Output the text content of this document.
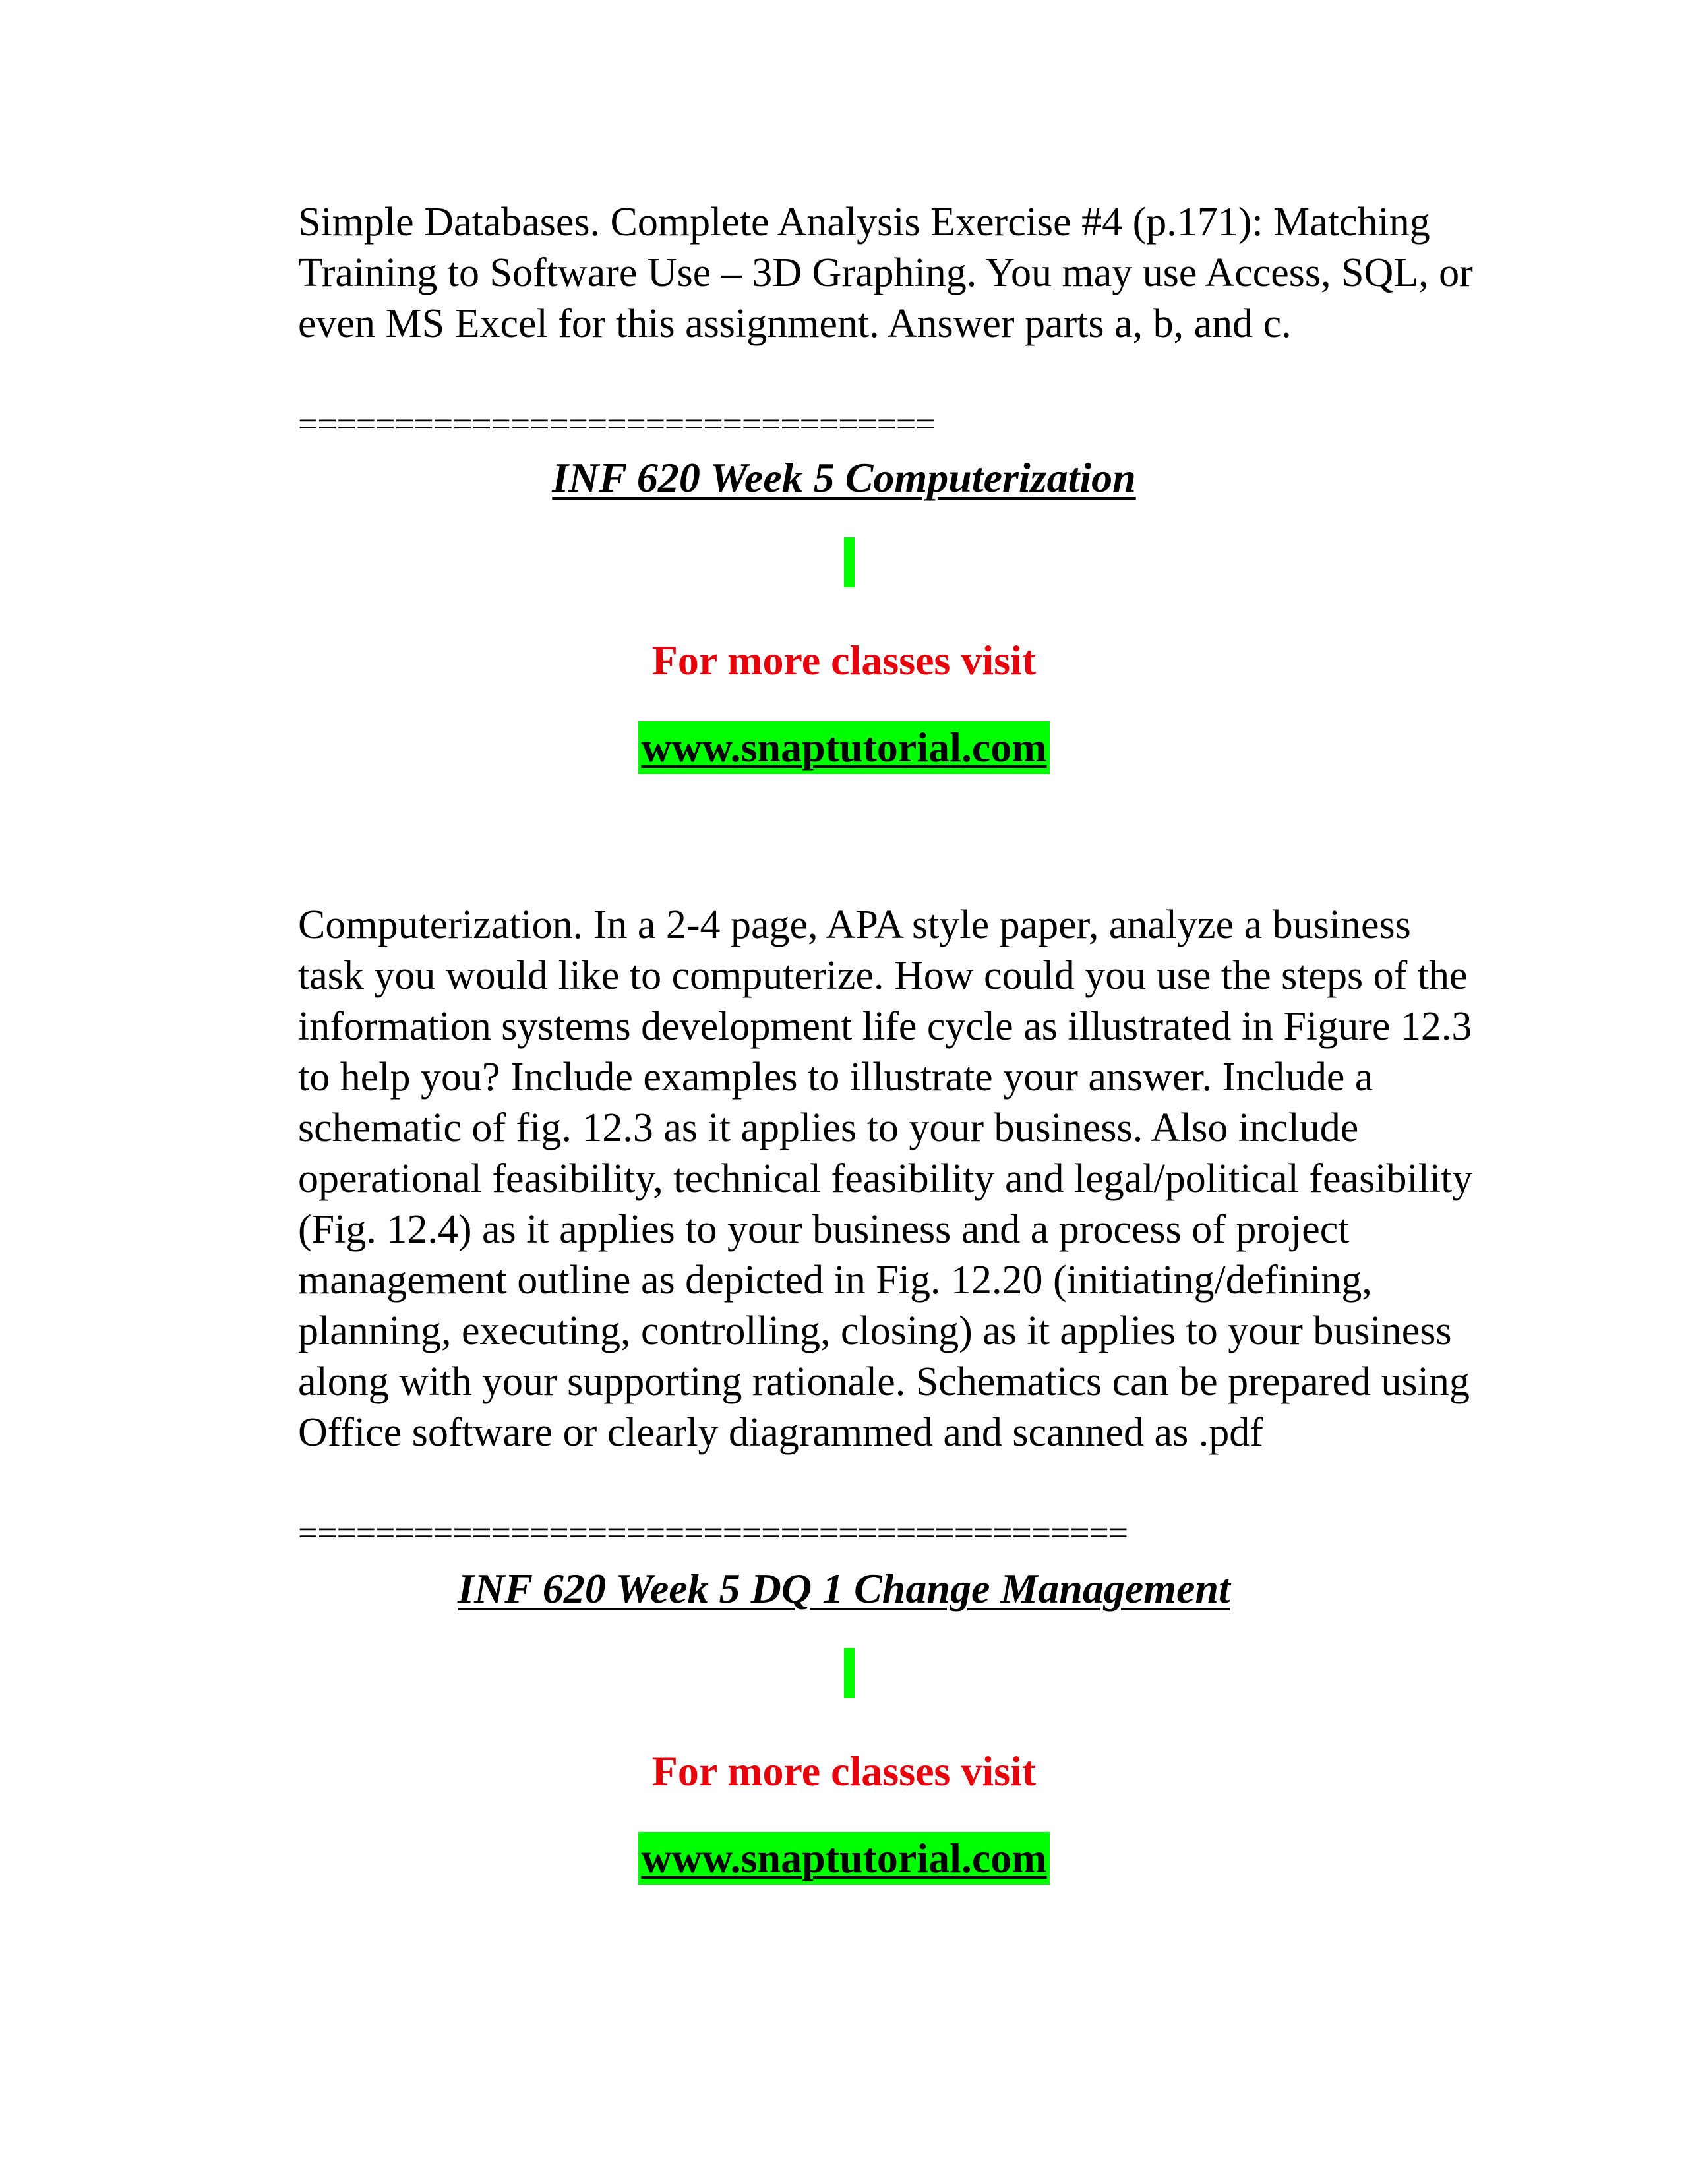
Simple Databases. Complete Analysis Exercise #4 (p.171): Matching Training to Software Use – 3D Graphing. You may use Access, SQL, or even MS Excel for this assignment. Answer parts a, b, and c.

=================================
INF 620 Week 5 Computerization
For more classes visit
www.snaptutorial.com

Computerization. In a 2-4 page, APA style paper, analyze a business task you would like to computerize. How could you use the steps of the information systems development life cycle as illustrated in Figure 12.3 to help you? Include examples to illustrate your answer. Include a schematic of fig. 12.3 as it applies to your business. Also include operational feasibility, technical feasibility and legal/political feasibility (Fig. 12.4) as it applies to your business and a process of project management outline as depicted in Fig. 12.20 (initiating/defining, planning, executing, controlling, closing) as it applies to your business along with your supporting rationale. Schematics can be prepared using Office software or clearly diagrammed and scanned as .pdf

===========================================
INF 620 Week 5 DQ 1 Change Management
For more classes visit
www.snaptutorial.com
